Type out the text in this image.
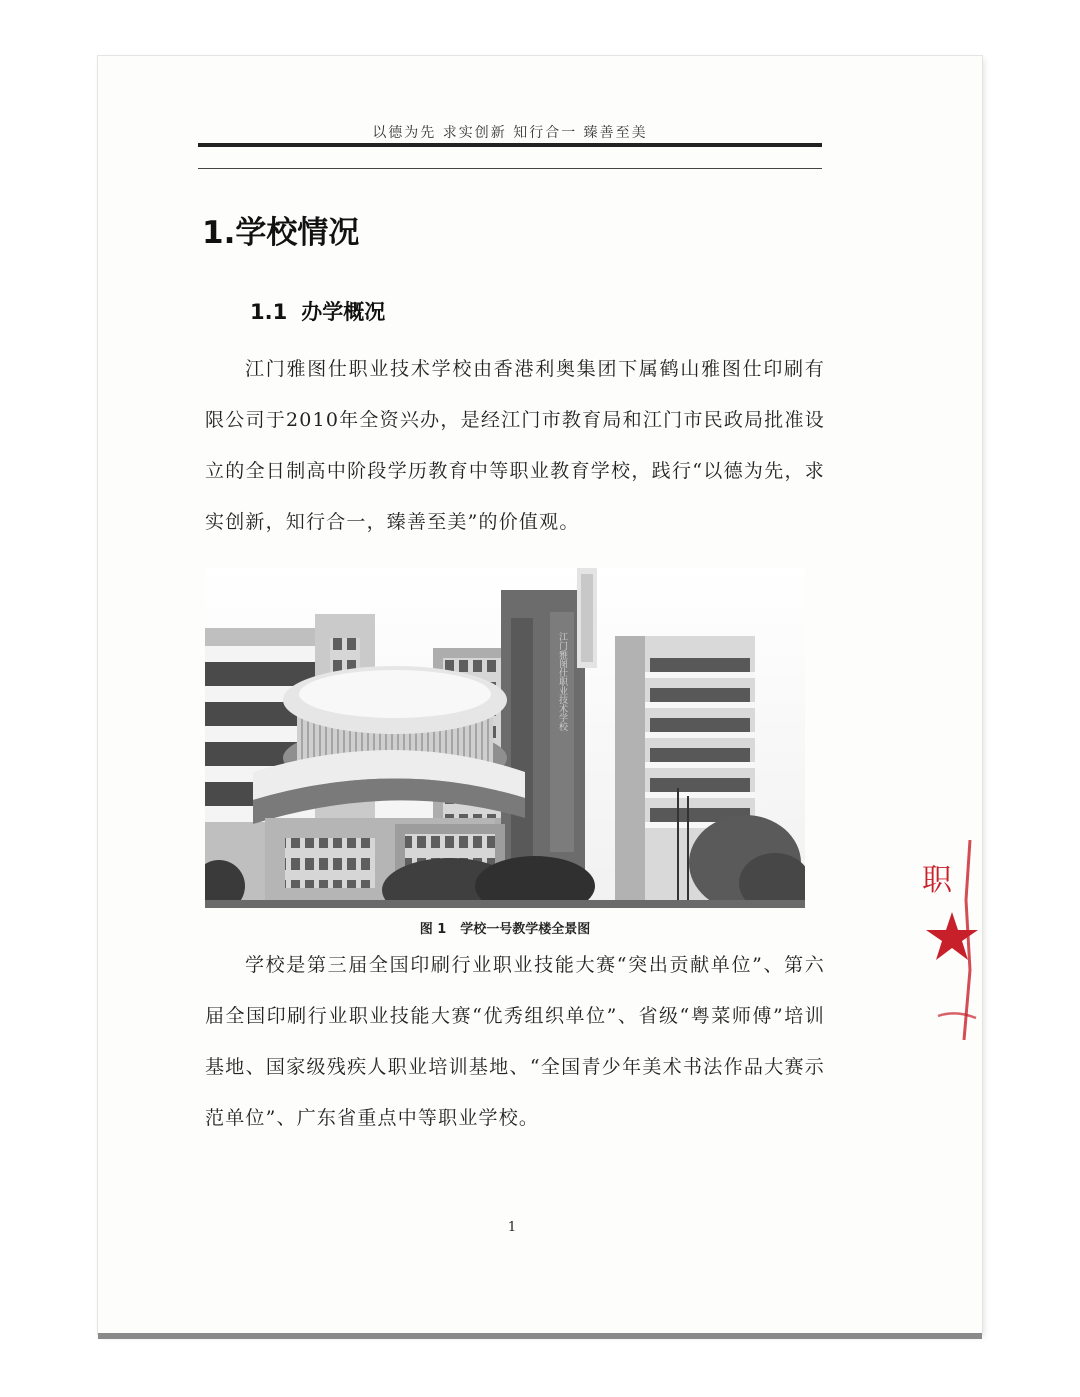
以德为先 求实创新 知行合一 臻善至美
1.学校情况
1.1 办学概况

江门雅图仕职业技术学校由香港利奥集团下属鹤山雅图仕印刷有限公司于2010年全资兴办，是经江门市教育局和江门市民政局批准设立的全日制高中阶段学历教育中等职业教育学校，践行“以德为先，求实创新，知行合一，臻善至美”的价值观。

江门雅图仕职业技术学校
图 1 学校一号教学楼全景图

学校是第三届全国印刷行业职业技能大赛“突出贡献单位”、第六届全国印刷行业职业技能大赛“优秀组织单位”、省级“粤菜师傅”培训基地、国家级残疾人职业培训基地、“全国青少年美术书法作品大赛示范单位”、广东省重点中等职业学校。

1
职
